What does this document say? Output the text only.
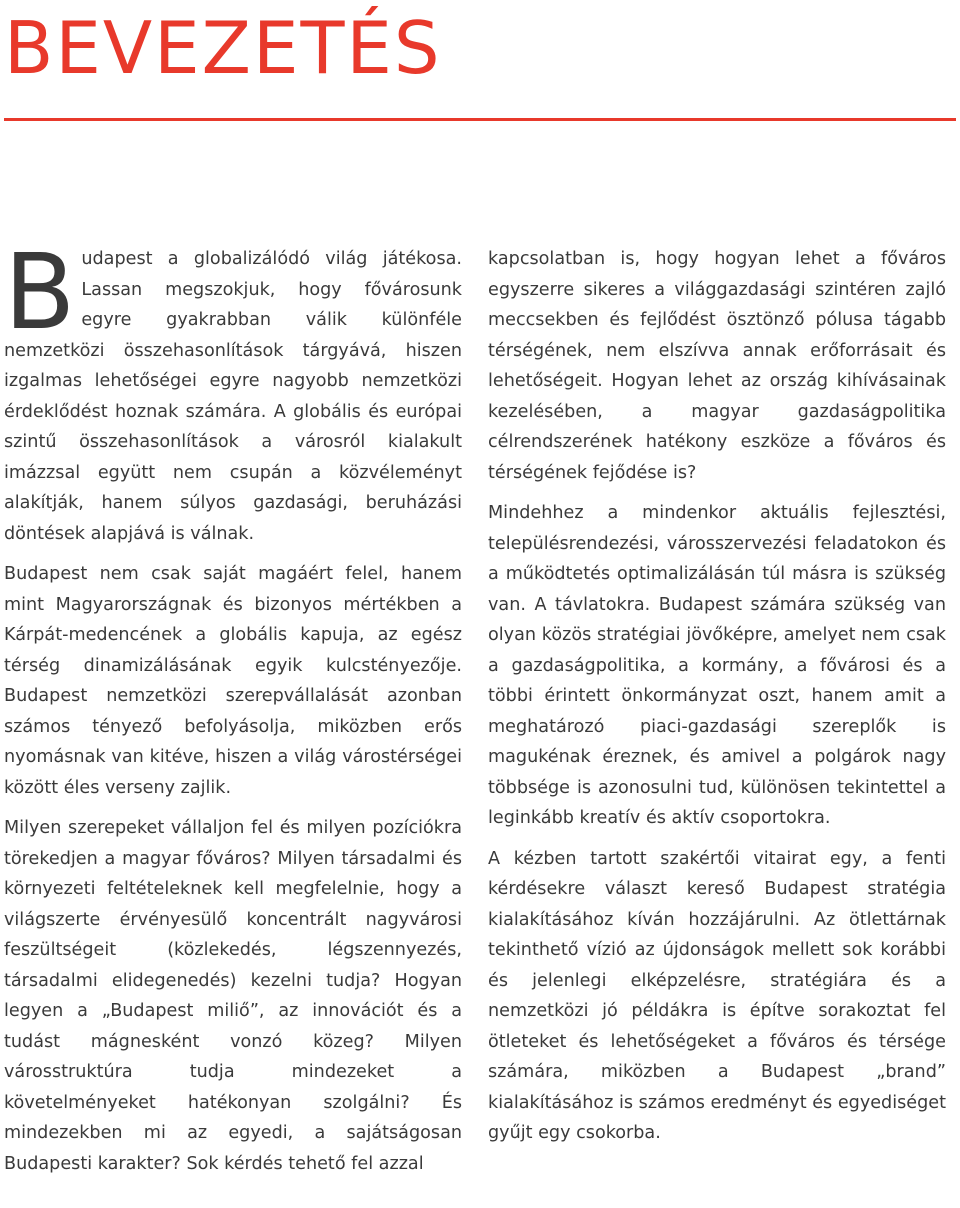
BEVEZETÉS

Budapest a globalizálódó világ játékosa. Lassan megszokjuk, hogy fővárosunk egyre gyakrabban válik különféle nemzetközi összehasonlítások tárgyává, hiszen izgalmas lehetőségei egyre nagyobb nemzetközi érdeklődést hoznak számára. A globális és európai szintű összehasonlítások a városról kialakult imázzsal együtt nem csupán a közvéleményt alakítják, hanem súlyos gazdasági, beruházási döntések alapjává is válnak.

Budapest nem csak saját magáért felel, hanem mint Magyarországnak és bizonyos mértékben a Kárpát-medencének a globális kapuja, az egész térség dinamizálásának egyik kulcstényezője. Budapest nemzetközi szerepvállalását azonban számos tényező befolyásolja, miközben erős nyomásnak van kitéve, hiszen a világ várostérségei között éles verseny zajlik.

Milyen szerepeket vállaljon fel és milyen pozíciókra törekedjen a magyar főváros? Milyen társadalmi és környezeti feltételeknek kell megfelelnie, hogy a világszerte érvényesülő koncentrált nagyvárosi feszültségeit (közlekedés, légszennyezés, társadalmi elidegenedés) kezelni tudja? Hogyan legyen a „Budapest miliő”, az innovációt és a tudást mágnesként vonzó közeg? Milyen városstruktúra tudja mindezeket a követelményeket hatékonyan szolgálni? És mindezekben mi az egyedi, a sajátságosan Budapesti karakter? Sok kérdés tehető fel azzal

kapcsolatban is, hogy hogyan lehet a főváros egyszerre sikeres a világgazdasági szintéren zajló meccsekben és fejlődést ösztönző pólusa tágabb térségének, nem elszívva annak erőforrásait és lehetőségeit. Hogyan lehet az ország kihívásainak kezelésében, a magyar gazdaságpolitika célrendszerének hatékony eszköze a főváros és térségének fejődése is?

Mindehhez a mindenkor aktuális fejlesztési, településrendezési, városszervezési feladatokon és a működtetés optimalizálásán túl másra is szükség van. A távlatokra. Budapest számára szükség van olyan közös stratégiai jövőképre, amelyet nem csak a gazdaságpolitika, a kormány, a fővárosi és a többi érintett önkormányzat oszt, hanem amit a meghatározó piaci-gazdasági szereplők is magukénak éreznek, és amivel a polgárok nagy többsége is azonosulni tud, különösen tekintettel a leginkább kreatív és aktív csoportokra.

A kézben tartott szakértői vitairat egy, a fenti kérdésekre választ kereső Budapest stratégia kialakításához kíván hozzájárulni. Az ötlettárnak tekinthető vízió az újdonságok mellett sok korábbi és jelenlegi elképzelésre, stratégiára és a nemzetközi jó példákra is építve sorakoztat fel ötleteket és lehetőségeket a főváros és térsége számára, miközben a Budapest „brand” kialakításához is számos eredményt és egyediséget gyűjt egy csokorba.
